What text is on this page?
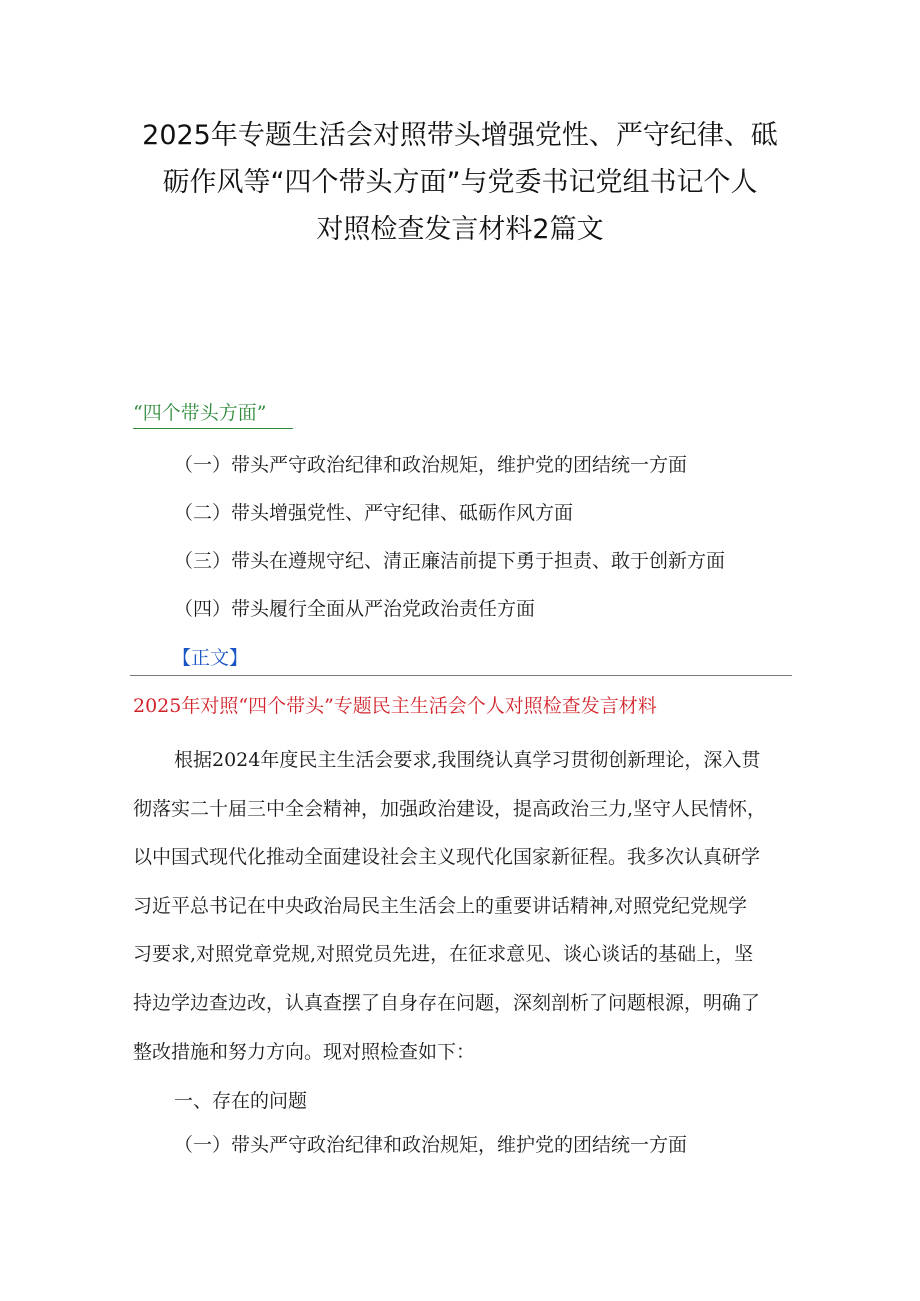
2025年专题生活会对照带头增强党性、严守纪律、砥
砺作风等“四个带头方面”与党委书记党组书记个人
对照检查发言材料2篇文
“四个带头方面”
（一）带头严守政治纪律和政治规矩，维护党的团结统一方面
（二）带头增强党性、严守纪律、砥砺作风方面
（三）带头在遵规守纪、清正廉洁前提下勇于担责、敢于创新方面
（四）带头履行全面从严治党政治责任方面
【正文】
2025年对照“四个带头”专题民主生活会个人对照检查发言材料
根据2024年度民主生活会要求,我围绕认真学习贯彻创新理论，深入贯
彻落实二十届三中全会精神，加强政治建设，提高政治三力,坚守人民情怀，
以中国式现代化推动全面建设社会主义现代化国家新征程。我多次认真研学
习近平总书记在中央政治局民主生活会上的重要讲话精神,对照党纪党规学
习要求,对照党章党规,对照党员先进，在征求意见、谈心谈话的基础上，坚
持边学边查边改，认真查摆了自身存在问题，深刻剖析了问题根源，明确了
整改措施和努力方向。现对照检查如下：
一、存在的问题
（一）带头严守政治纪律和政治规矩，维护党的团结统一方面
